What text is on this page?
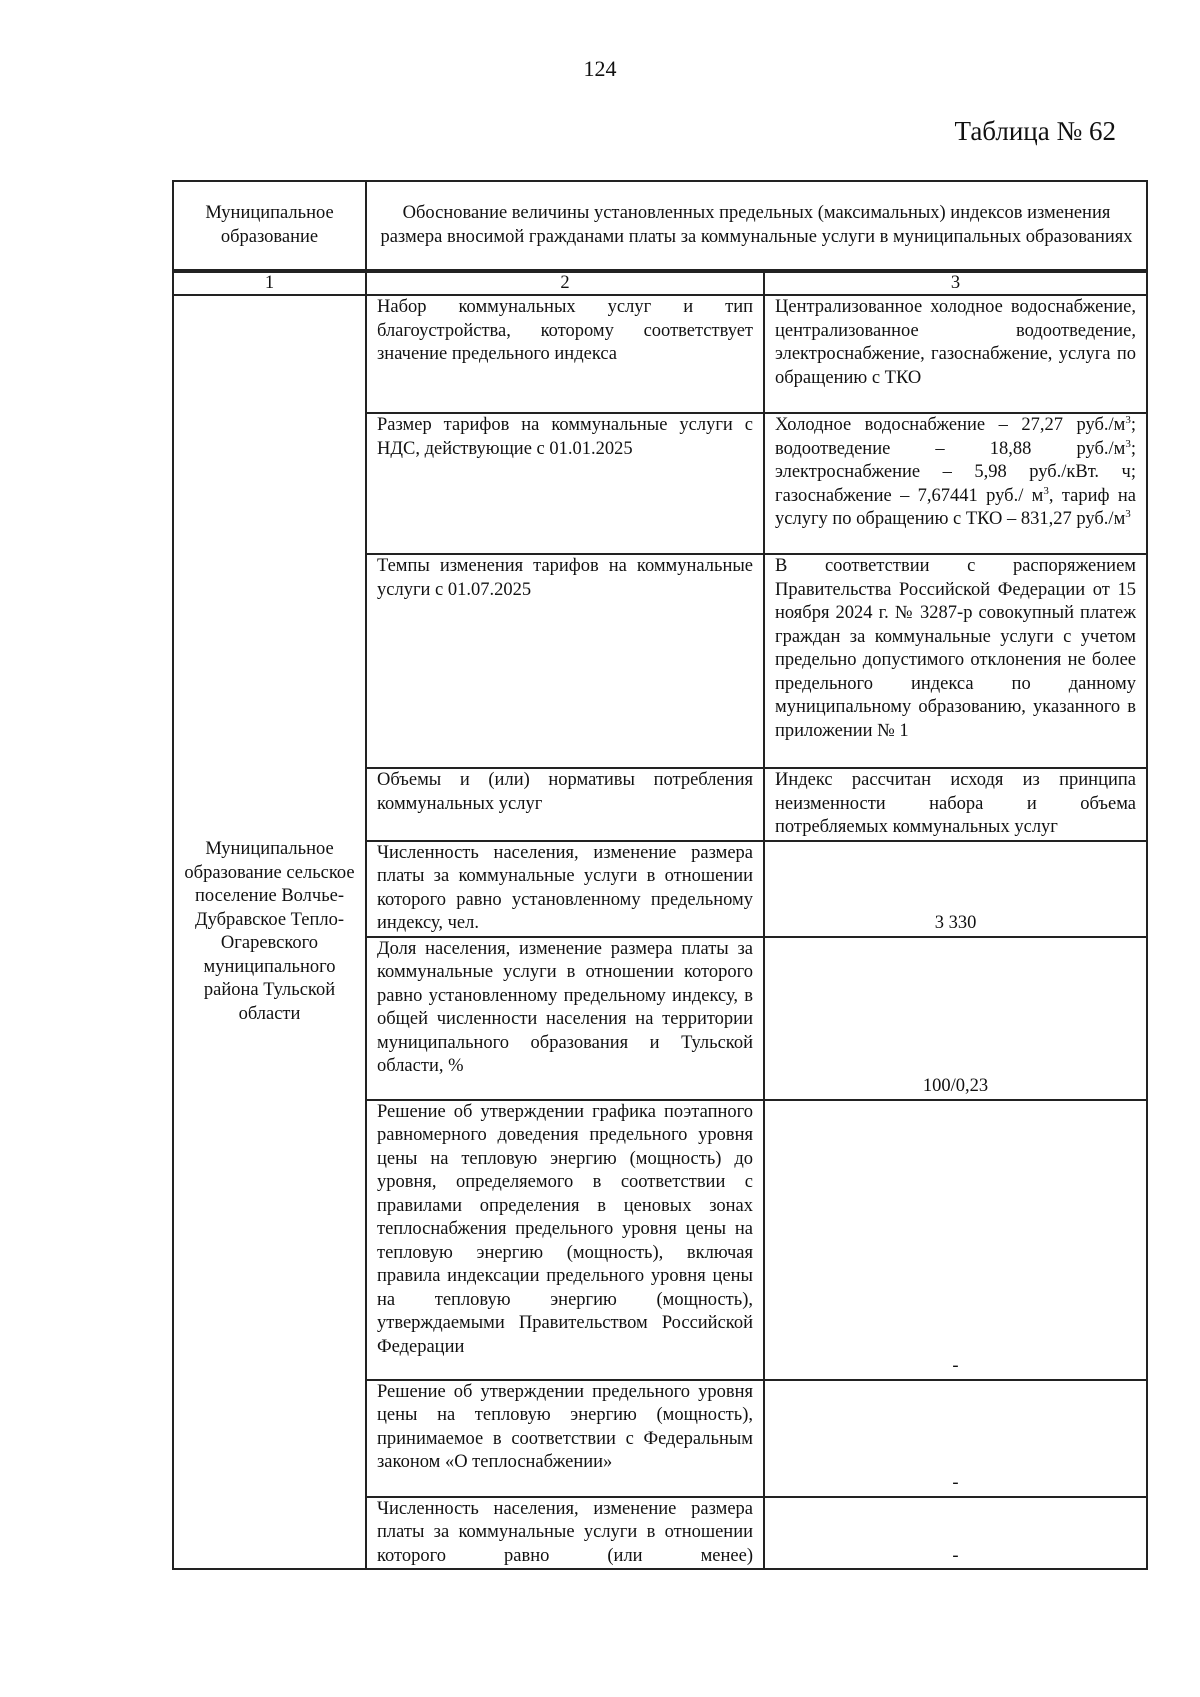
124
Таблица № 62
Муниципальное образование	Обоснование величины установленных предельных (максимальных) индексов изменения размера вносимой гражданами платы за коммунальные услуги в муниципальных образованиях
1	2	3
Муниципальное образование сельское поселение Волчье-Дубравское Тепло-Огаревского муниципального района Тульской области	Набор коммунальных услуг и тип благоустройства, которому соответствует значение предельного индекса	Централизованное холодное водоснабжение, централизованное водоотведение, электроснабжение, газоснабжение, услуга по обращению с ТКО
	Размер тарифов на коммунальные услуги с НДС, действующие с 01.01.2025	Холодное водоснабжение – 27,27 $руб./м^3$; водоотведение – 18,88 $руб./м^3$; электроснабжение – 5,98 руб./кВт. ч; газоснабжение – 7,67441 руб./ $м^3$, тариф на услугу по обращению с ТКО – 831,27 $руб./м^3$
	Темпы изменения тарифов на коммунальные услуги с 01.07.2025	В соответствии с распоряжением Правительства Российской Федерации от 15 ноября 2024 г. № 3287-р совокупный платеж граждан за коммунальные услуги с учетом предельно допустимого отклонения не более предельного индекса по данному муниципальному образованию, указанного в приложении № 1
	Объемы и (или) нормативы потребления коммунальных услуг	Индекс рассчитан исходя из принципа неизменности набора и объема потребляемых коммунальных услуг
	Численность населения, изменение размера платы за коммунальные услуги в отношении которого равно установленному предельному индексу, чел.	3 330
	Доля населения, изменение размера платы за коммунальные услуги в отношении которого равно установленному предельному индексу, в общей численности населения на территории муниципального образования и Тульской области, %	100/0,23
	Решение об утверждении графика поэтапного равномерного доведения предельного уровня цены на тепловую энергию (мощность) до уровня, определяемого в соответствии с правилами определения в ценовых зонах теплоснабжения предельного уровня цены на тепловую энергию (мощность), включая правила индексации предельного уровня цены на тепловую энергию (мощность), утверждаемыми Правительством Российской Федерации	-
	Решение об утверждении предельного уровня цены на тепловую энергию (мощность), принимаемое в соответствии с Федеральным законом «О теплоснабжении»	-
	Численность населения, изменение размера платы за коммунальные услуги в отношении которого равно (или менее)	-
